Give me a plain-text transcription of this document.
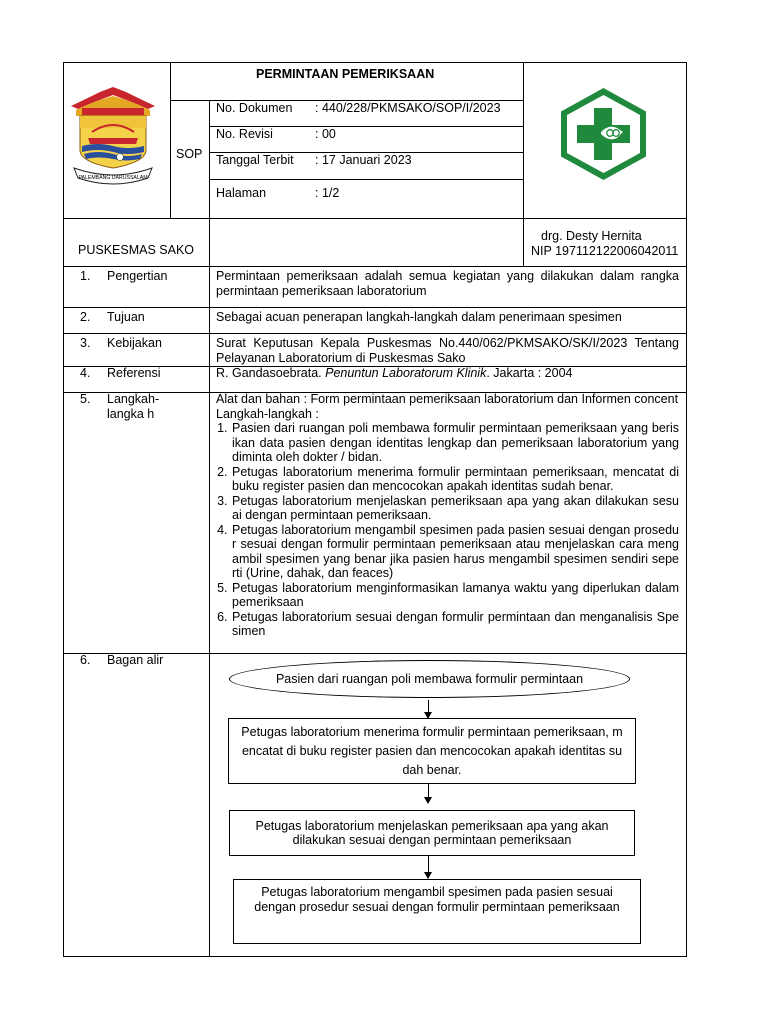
PALEMBANG DARUSSALAM
PERMINTAAN PEMERIKSAAN
SOP
No. Dokumen : 440/228/PKMSAKO/SOP/I/2023
No. Revisi	: 00
Tanggal Terbit : 17 Januari 2023
Halaman	: 1/2
PUSKESMAS SAKO
drg. Desty Hernita
NIP 197112122006042011
1. Pengertian
2. Tujuan
3. Kebijakan
4. Referensi
5. Langkah-langka h
6. Bagan alir
Permintaan pemeriksaan adalah semua kegiatan yang dilakukan dalam rangka permintaan pemeriksaan laboratorium
Sebagai acuan penerapan langkah-langkah dalam penerimaan spesimen
Surat Keputusan Kepala Puskesmas No.440/062/PKMSAKO/SK/I/2023 Tentang Pelayanan Laboratorium di Puskesmas Sako
R. Gandasoebrata. Penuntun Laboratorum Klinik. Jakarta : 2004
Alat dan bahan : Form permintaan pemeriksaan laboratorium dan Informen concent
Langkah-langkah :
1. Pasien dari ruangan poli membawa formulir permintaan pemeriksaan yang beris ikan data pasien dengan identitas lengkap dan pemeriksaan laboratorium yang diminta oleh dokter / bidan.
2. Petugas laboratorium menerima formulir permintaan pemeriksaan, mencatat di buku register pasien dan mencocokan apakah identitas sudah benar.
3. Petugas laboratorium menjelaskan pemeriksaan apa yang akan dilakukan sesu ai dengan permintaan pemeriksaan.
4. Petugas laboratorium mengambil spesimen pada pasien sesuai dengan prosedu r sesuai dengan formulir permintaan pemeriksaan atau menjelaskan cara meng ambil spesimen yang benar jika pasien harus mengambil spesimen sendiri sepe rti (Urine, dahak, dan feaces)
5. Petugas laboratorium menginformasikan lamanya waktu yang diperlukan dalam pemeriksaan
6. Petugas laboratorium sesuai dengan formulir permintaan dan menganalisis Spe simen
Pasien dari ruangan poli membawa formulir permintaan
Petugas laboratorium menerima formulir permintaan pemeriksaan, m encatat di buku register pasien dan mencocokan apakah identitas su dah benar.
Petugas laboratorium menjelaskan pemeriksaan apa yang akan dilakukan sesuai dengan permintaan pemeriksaan
Petugas laboratorium mengambil spesimen pada pasien sesuai dengan prosedur sesuai dengan formulir permintaan pemeriksaan
